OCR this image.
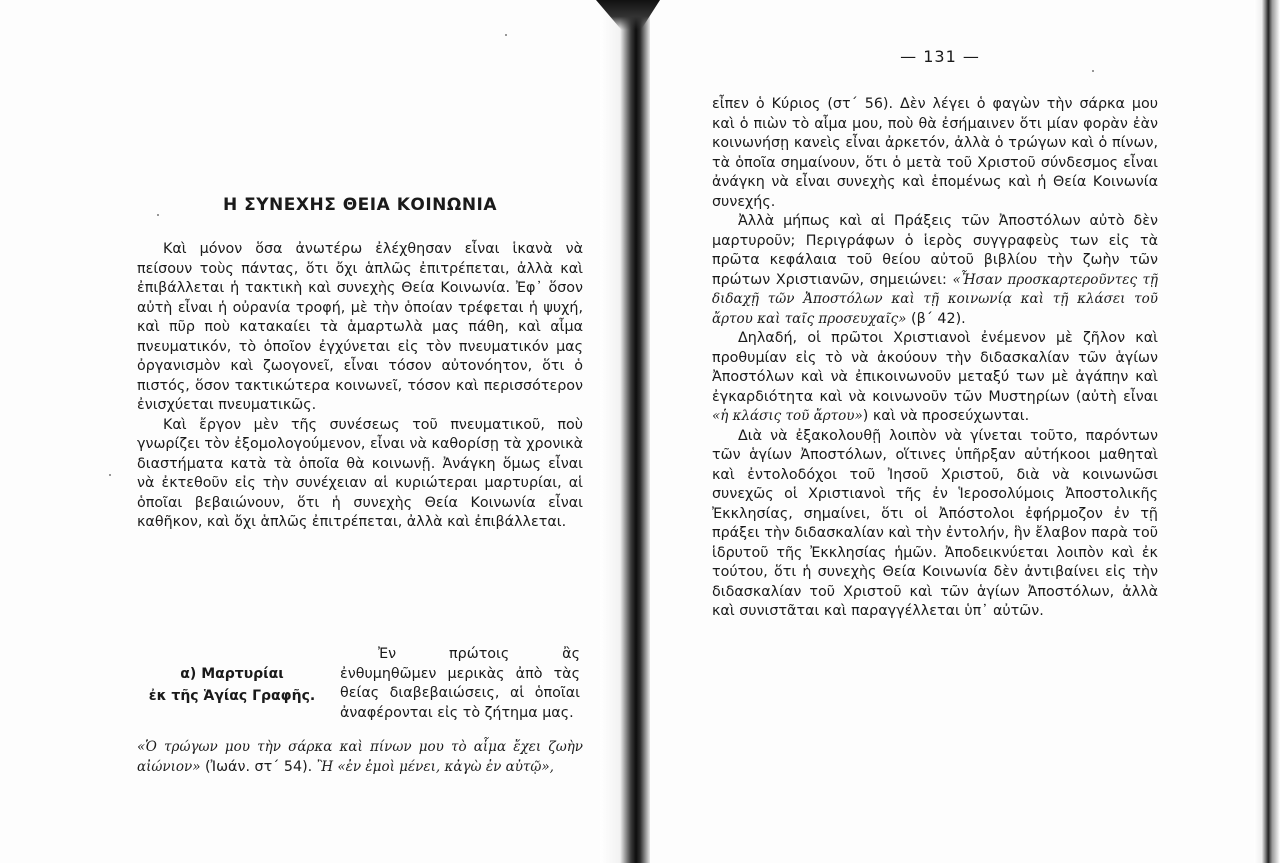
— 131 —
Η ΣΥΝΕΧΗΣ ΘΕΙΑ ΚΟΙΝΩΝΙΑ

Καὶ μόνον ὅσα ἀνωτέρω ἐλέχθησαν εἶναι ἱκανὰ νὰ πείσουν τοὺς πάντας, ὅτι ὄχι ἁπλῶς ἐπιτρέπεται, ἀλλὰ καὶ ἐπιβάλλεται ἡ τακτικὴ καὶ συνεχὴς Θεία Κοινωνία. Ἐφ᾽ ὅσον αὐτὴ εἶναι ἡ οὐρανία τροφή, μὲ τὴν ὁποίαν τρέφεται ἡ ψυχή, καὶ πῦρ ποὺ κατακαίει τὰ ἁμαρτωλὰ μας πάθη, καὶ αἷμα πνευματικόν, τὸ ὁποῖον ἐγχύνεται εἰς τὸν πνευματικόν μας ὀργανισμὸν καὶ ζωογονεῖ, εἶναι τόσον αὐτονόητον, ὅτι ὁ πιστός, ὅσον τακτικώτερα κοινωνεῖ, τόσον καὶ περισσότερον ἐνισχύεται πνευματικῶς.

Καὶ ἔργον μὲν τῆς συνέσεως τοῦ πνευματικοῦ, ποὺ γνωρίζει τὸν ἐξομολογούμενον, εἶναι νὰ καθορίσῃ τὰ χρονικὰ διαστήματα κατὰ τὰ ὁποῖα θὰ κοινωνῇ. Ἀνάγκη ὅμως εἶναι νὰ ἐκτεθοῦν εἰς τὴν συνέχειαν αἱ κυριώτεραι μαρτυρίαι, αἱ ὁποῖαι βεβαιώνουν, ὅτι ἡ συνεχὴς Θεία Κοινωνία εἶναι καθῆκον, καὶ ὄχι ἁπλῶς ἐπιτρέπεται, ἀλλὰ καὶ ἐπιβάλλεται.

α) Μαρτυρίαι
ἐκ τῆς Ἁγίας Γραφῆς.

Ἐν πρώτοις ἂς ἐνθυμηθῶμεν μερικὰς ἀπὸ τὰς θείας διαβεβαιώσεις, αἱ ὁποῖαι ἀναφέρονται εἰς τὸ ζήτημα μας.

«Ὁ τρώγων μου τὴν σάρκα καὶ πίνων μου τὸ αἷμα ἔχει ζωὴν αἰώνιον» (Ἰωάν. στ´ 54). Ἢ «ἐν ἐμοὶ μένει, κἀγὼ ἐν αὐτῷ»,

εἶπεν ὁ Κύριος (στ´ 56). Δὲν λέγει ὁ φαγὼν τὴν σάρκα μου καὶ ὁ πιὼν τὸ αἷμα μου, ποὺ θὰ ἐσήμαινεν ὅτι μίαν φορὰν ἐὰν κοινωνήσῃ κανεὶς εἶναι ἀρκετόν, ἀλλὰ ὁ τρώγων καὶ ὁ πίνων, τὰ ὁποῖα σημαίνουν, ὅτι ὁ μετὰ τοῦ Χριστοῦ σύνδεσμος εἶναι ἀνάγκη νὰ εἶναι συνεχὴς καὶ ἑπομένως καὶ ἡ Θεία Κοινωνία συνεχής.

Ἀλλὰ μήπως καὶ αἱ Πράξεις τῶν Ἀποστόλων αὐτὸ δὲν μαρτυροῦν; Περιγράφων ὁ ἱερὸς συγγραφεὺς των εἰς τὰ πρῶτα κεφάλαια τοῦ θείου αὐτοῦ βιβλίου τὴν ζωὴν τῶν πρώτων Χριστιανῶν, σημειώνει: «Ἦσαν προσκαρτεροῦντες τῇ διδαχῇ τῶν Ἀποστόλων καὶ τῇ κοινωνίᾳ καὶ τῇ κλάσει τοῦ ἄρτου καὶ ταῖς προσευχαῖς» (β´ 42).

Δηλαδή, οἱ πρῶτοι Χριστιανοὶ ἐνέμενον μὲ ζῆλον καὶ προθυμίαν εἰς τὸ νὰ ἀκούουν τὴν διδασκαλίαν τῶν ἁγίων Ἀποστόλων καὶ νὰ ἐπικοινωνοῦν μεταξύ των μὲ ἀγάπην καὶ ἐγκαρδιότητα καὶ νὰ κοινωνοῦν τῶν Μυστηρίων (αὐτὴ εἶναι «ἡ κλάσις τοῦ ἄρτου») καὶ νὰ προσεύχωνται.

Διὰ νὰ ἐξακολουθῇ λοιπὸν νὰ γίνεται τοῦτο, παρόντων τῶν ἁγίων Ἀποστόλων, οἵτινες ὑπῆρξαν αὐτήκοοι μαθηταὶ καὶ ἐντολοδόχοι τοῦ Ἰησοῦ Χριστοῦ, διὰ νὰ κοινωνῶσι συνεχῶς οἱ Χριστιανοὶ τῆς ἐν Ἱεροσολύμοις Ἀποστολικῆς Ἐκκλησίας, σημαίνει, ὅτι οἱ Ἀπόστολοι ἐφήρμοζον ἐν τῇ πράξει τὴν διδασκαλίαν καὶ τὴν ἐντολήν, ἣν ἔλαβον παρὰ τοῦ ἱδρυτοῦ τῆς Ἐκκλησίας ἡμῶν. Ἀποδεικνύεται λοιπὸν καὶ ἐκ τούτου, ὅτι ἡ συνεχὴς Θεία Κοινωνία δὲν ἀντιβαίνει εἰς τὴν διδασκαλίαν τοῦ Χριστοῦ καὶ τῶν ἁγίων Ἀποστόλων, ἀλλὰ καὶ συνιστᾶται καὶ παραγγέλλεται ὑπ᾽ αὐτῶν.
